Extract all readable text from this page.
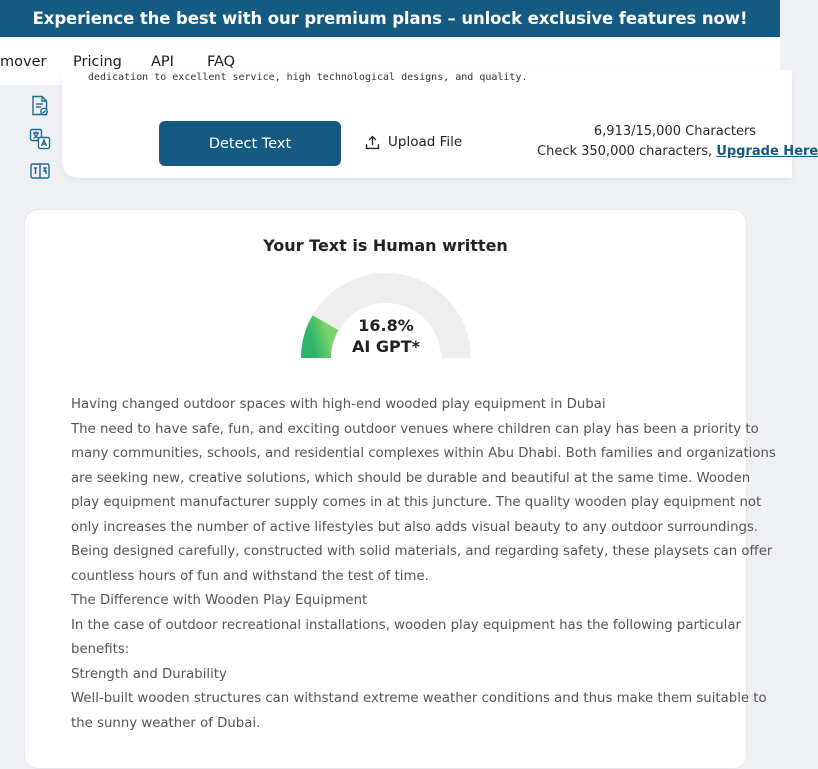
Experience the best with our premium plans – unlock exclusive features now!
mover Pricing API FAQ
dedication to excellent service, high technological designs, and quality.
Detect Text	Upload File
6,913/15,000 Characters
Check 350,000 characters, Upgrade Here
Your Text is Human written
16.8%
AI GPT*

Having changed outdoor spaces with high-end wooded play equipment in Dubai

The need to have safe, fun, and exciting outdoor venues where children can play has been a priority to

many communities, schools, and residential complexes within Abu Dhabi. Both families and organizations

are seeking new, creative solutions, which should be durable and beautiful at the same time. Wooden

play equipment manufacturer supply comes in at this juncture. The quality wooden play equipment not

only increases the number of active lifestyles but also adds visual beauty to any outdoor surroundings.

Being designed carefully, constructed with solid materials, and regarding safety, these playsets can offer

countless hours of fun and withstand the test of time.

The Difference with Wooden Play Equipment

In the case of outdoor recreational installations, wooden play equipment has the following particular

benefits:

Strength and Durability

Well-built wooden structures can withstand extreme weather conditions and thus make them suitable to

the sunny weather of Dubai.
